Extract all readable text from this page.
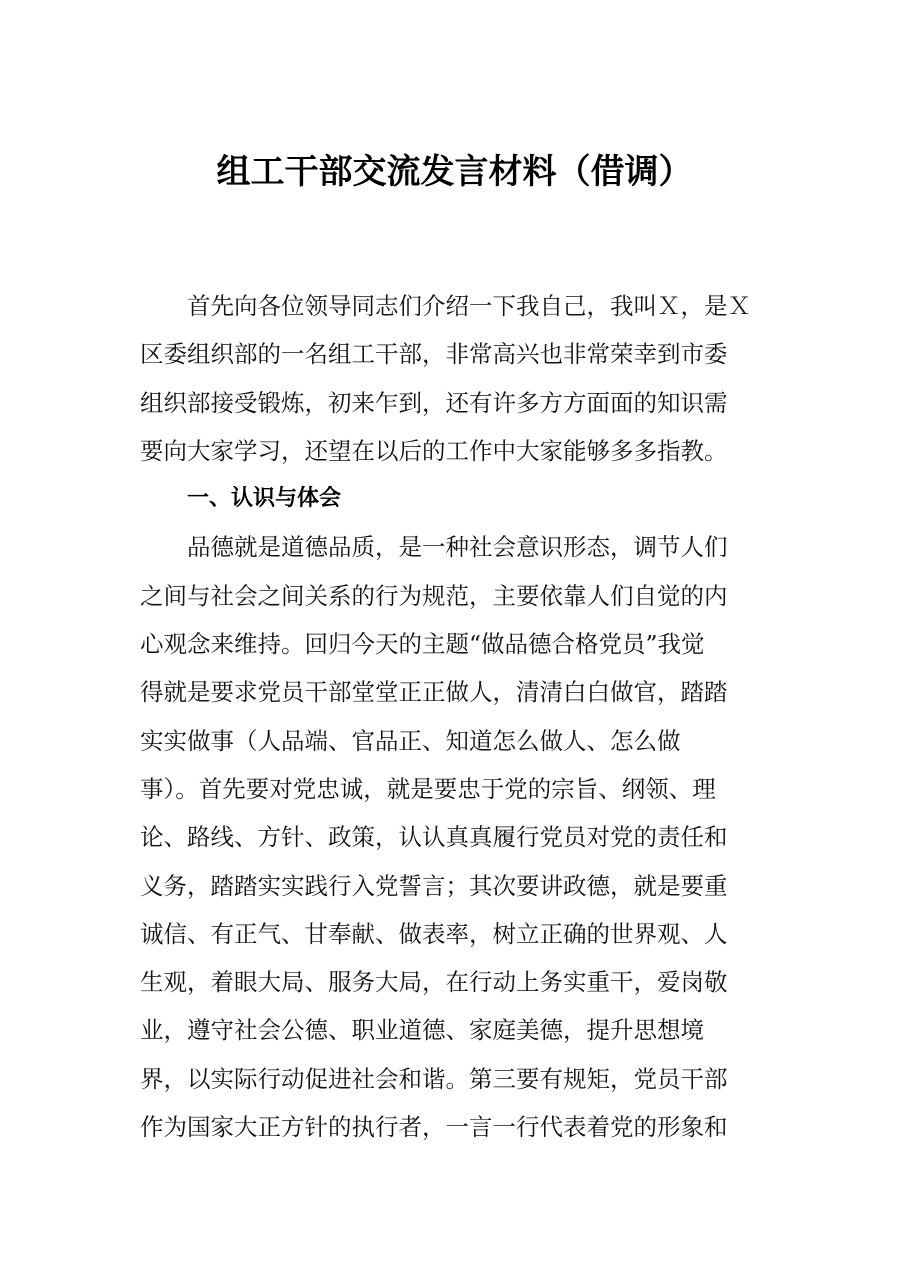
组工干部交流发言材料（借调）
首先向各位领导同志们介绍一下我自己，我叫Ｘ，是Ｘ
区委组织部的一名组工干部，非常高兴也非常荣幸到市委
组织部接受锻炼，初来乍到，还有许多方方面面的知识需
要向大家学习，还望在以后的工作中大家能够多多指教。
一、认识与体会
品德就是道德品质，是一种社会意识形态，调节人们
之间与社会之间关系的行为规范，主要依靠人们自觉的内
心观念来维持。回归今天的主题“做品德合格党员”我觉
得就是要求党员干部堂堂正正做人，清清白白做官，踏踏
实实做事（人品端、官品正、知道怎么做人、怎么做
事）。首先要对党忠诚，就是要忠于党的宗旨、纲领、理
论、路线、方针、政策，认认真真履行党员对党的责任和
义务，踏踏实实践行入党誓言；其次要讲政德，就是要重
诚信、有正气、甘奉献、做表率，树立正确的世界观、人
生观，着眼大局、服务大局，在行动上务实重干，爱岗敬
业，遵守社会公德、职业道德、家庭美德，提升思想境
界，以实际行动促进社会和谐。第三要有规矩，党员干部
作为国家大正方针的执行者，一言一行代表着党的形象和
